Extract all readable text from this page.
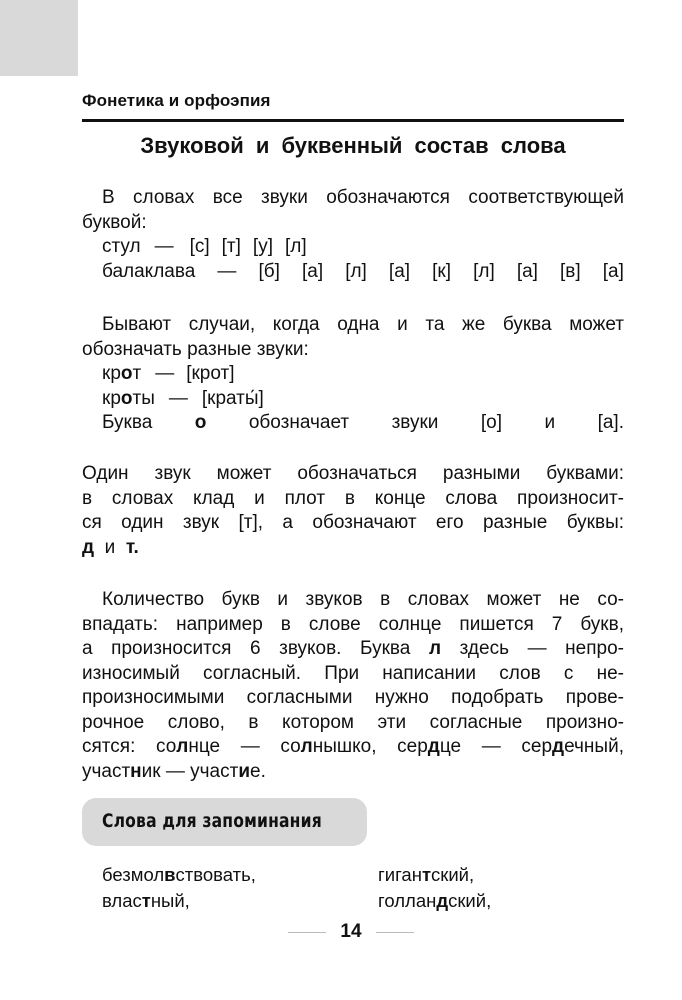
Фонетика и орфоэпия
Звуковой и буквенный состав слова
В словах все звуки обозначаются соответствующей
буквой:
стул — [с] [т] [у] [л]
балаклава — [б] [а] [л] [а] [к] [л] [а] [в] [а]
Бывают случаи, когда одна и та же буква может
обозначать разные звуки:
кр о т — [крот]
кр о ты — [краты́]
Буква о обозначает звуки [о] и [а].
Один звук может обозначаться разными буквами:
в словах клад и плот в конце слова произносит-
ся один звук [т], а обозначают его разные буквы:
д и т.
Количество букв и звуков в словах может не со-
впадать: например в слове солнце пишется 7 букв,
а произносится 6 звуков. Буква л здесь — непро-
износимый согласный. При написании слов с не-
произносимыми согласными нужно подобрать прове-
рочное слово, в котором эти согласные произно-
сятся: солнце — солнышко, сердце — сердечный,
участник — участие.
Слова для запоминания
безмолвствовать,
властный,
гигантский,
голландский,
14
